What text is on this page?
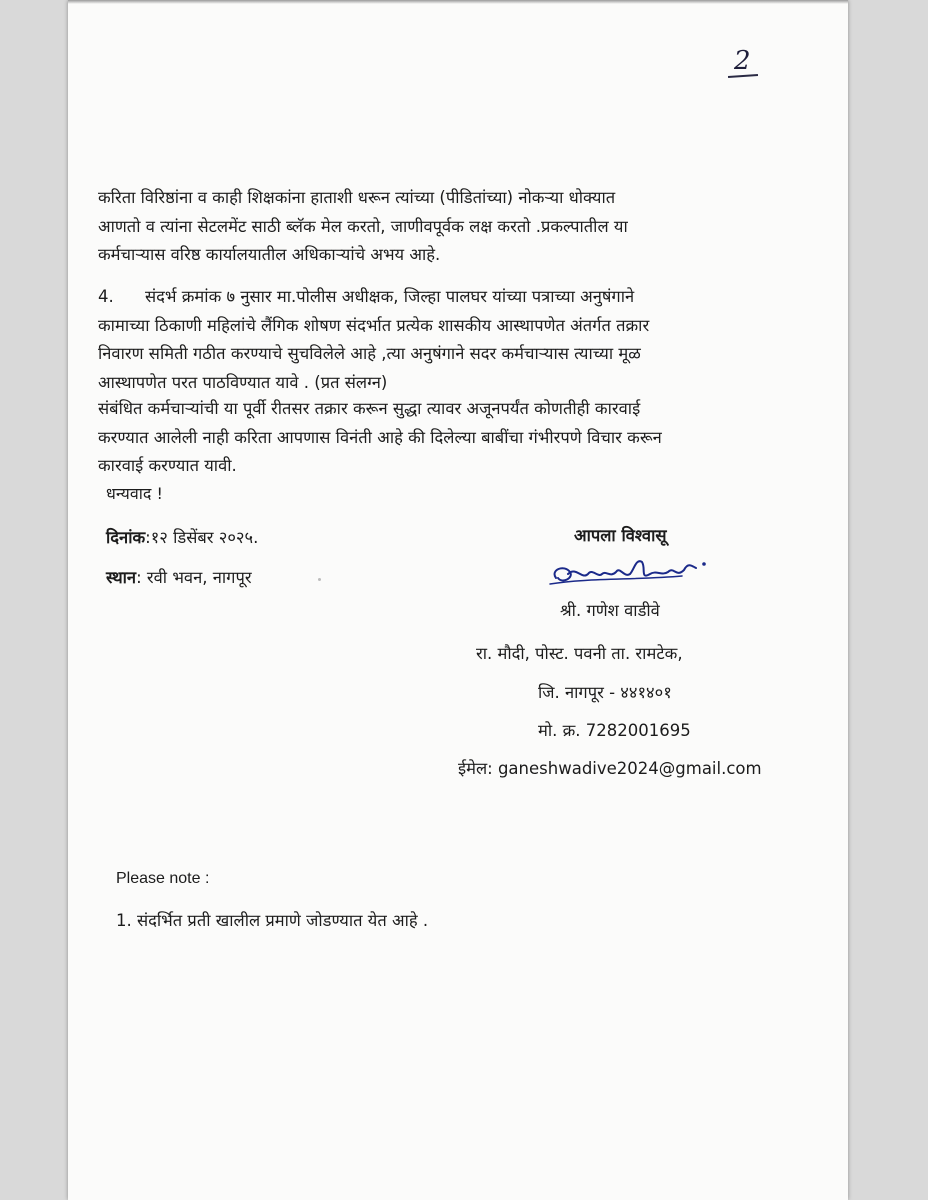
2

करिता विरिष्ठांना व काही शिक्षकांना हाताशी धरून त्यांच्या (पीडितांच्या) नोकऱ्या धोक्यात
आणतो व त्यांना सेटलमेंट साठी ब्लॅक मेल करतो, जाणीवपूर्वक लक्ष करतो .प्रकल्पातील या
कर्मचाऱ्यास वरिष्ठ कार्यालयातील अधिकाऱ्यांचे अभय आहे.

4. संदर्भ क्रमांक ७ नुसार मा.पोलीस अधीक्षक, जिल्हा पालघर यांच्या पत्राच्या अनुषंगाने
कामाच्या ठिकाणी महिलांचे लैंगिक शोषण संदर्भात प्रत्येक शासकीय आस्थापणेत अंतर्गत तक्रार
निवारण समिती गठीत करण्याचे सुचविलेले आहे ,त्या अनुषंगाने सदर कर्मचाऱ्यास त्याच्या मूळ
आस्थापणेत परत पाठविण्यात यावे . (प्रत संलग्न)

संबंधित कर्मचाऱ्यांची या पूर्वी रीतसर तक्रार करून सुद्धा त्यावर अजूनपर्यंत कोणतीही कारवाई
करण्यात आलेली नाही करिता आपणास विनंती आहे की दिलेल्या बाबींचा गंभीरपणे विचार करून
कारवाई करण्यात यावी.

धन्यवाद !
दिनांक:१२ डिसेंबर २०२५.
स्थान: रवी भवन, नागपूर
आपला विश्वासू
श्री. गणेश वाडीवे
रा. मौदी, पोस्ट. पवनी ता. रामटेक,
जि. नागपूर - ४४१४०१
मो. क्र. 7282001695
ईमेल: ganeshwadive2024@gmail.com
Please note :
1. संदर्भित प्रती खालील प्रमाणे जोडण्यात येत आहे .
